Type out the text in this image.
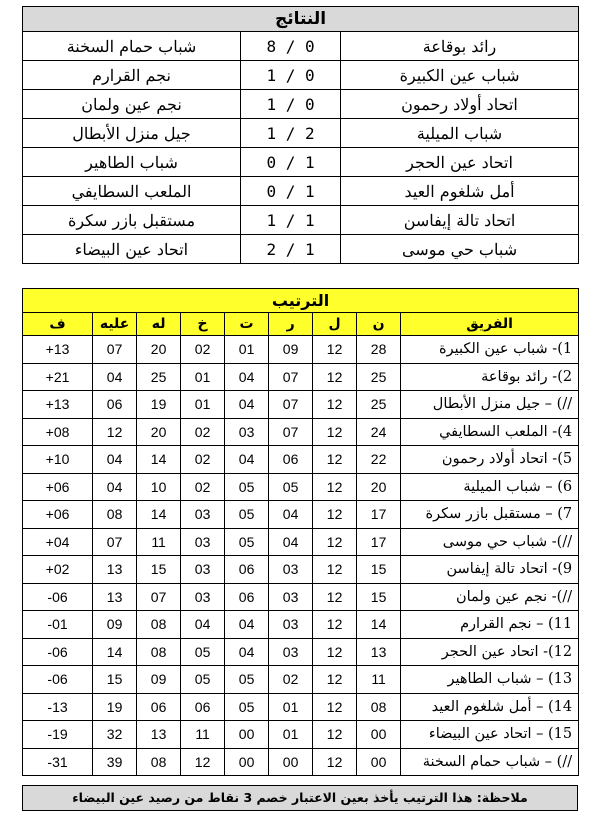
النتائج		
رائد بوقاعة	0 / 8	شباب حمام السخنة
شباب عين الكبيرة	0 / 1	نجم القرارم
اتحاد أولاد رحمون	0 / 1	نجم عين ولمان
شباب الميلية	2 / 1	جيل منزل الأبطال
اتحاد عين الحجر	1 / 0	شباب الطاهير
أمل شلغوم العيد	1 / 0	الملعب السطايفي
اتحاد تالة إيفاسن	1 / 1	مستقبل بازر سكرة
شباب حي موسى	1 / 2	اتحاد عين البيضاء
الترتيب								
الفريق	ن	ل	ر	ت	خ	له	عليه	ف
1)- شباب عين الكبيرة	28	12	09	01	02	20	07	+13
2)- رائد بوقاعة	25	12	07	04	01	25	04	+21
//) – جيل منزل الأبطال	25	12	07	04	01	19	06	+13
4)- الملعب السطايفي	24	12	07	03	02	20	12	+08
5)- اتحاد أولاد رحمون	22	12	06	04	02	14	04	+10
6) – شباب الميلية	20	12	05	05	02	10	04	+06
7) – مستقبل بازر سكرة	17	12	04	05	03	14	08	+06
//)- شباب حي موسى	17	12	04	05	03	11	07	+04
9)- اتحاد تالة إيفاسن	15	12	03	06	03	15	13	+02
//)- نجم عين ولمان	15	12	03	06	03	07	13	-06
11) – نجم القرارم	14	12	03	04	04	08	09	-01
12)- اتحاد عين الحجر	13	12	03	04	05	08	14	-06
13) – شباب الطاهير	11	12	02	05	05	09	15	-06
14) – أمل شلغوم العيد	08	12	01	05	06	06	19	-13
15) – اتحاد عين البيضاء	00	12	01	00	11	13	32	-19
//) – شباب حمام السخنة	00	12	00	00	12	08	39	-31
ملاحظة: هذا الترتيب يأخذ بعين الاعتبار خصم 3 نقاط من رصيد عين البيضاء
